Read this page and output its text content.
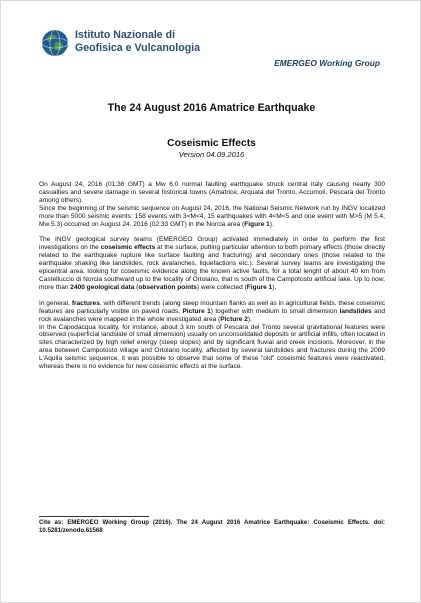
Istituto Nazionale di
Geofisica e Vulcanologia
EMERGEO Working Group
The 24 August 2016 Amatrice Earthquake
Coseismic Effects
Version 04.09.2016

On August 24, 2016 (01:36 GMT) a Mw 6.0 normal faulting earthquake struck central Italy causing nearly 300 casualties and severe damage in several historical towns (Amatrice, Arquata del Tronto, Accumoli, Pescara del Tronto among others).

Since the beginning of the seismic sequence on August 24, 2016, the National Seismic Network run by INGV localized more than 5000 seismic events: 158 events with 3<M<4, 15 earthquakes with 4<M<5 and one event with M>5 (M 5.4, Mw 5.3) occurred on August 24, 2016 (02:33 GMT) in the Norcia area (Figure 1).

The INGV geological survey teams (EMERGEO Group) activated immediately in order to perform the first investigations on the coseismic effects at the surface, putting particular attention to both primary effects (those directly related to the earthquake rupture like surface faulting and fracturing) and secondary ones (those related to the earthquake shaking like landslides, rock avalanches, liquefactions etc.). Several survey teams are investigating the epicentral area, looking for coseismic evidence along the known active faults, for a total lenght of about 40 km from Castelluccio di Norcia southward up to the locality of Ortolano, that is south of the Campotosto artificial lake. Up to now, more than 2400 geological data (observation points) were collected (Figure 1).

In general, fractures, with different trends (along steep mountain flanks as well as in agricultural fields, these coseismic features are particularly visible on paved roads, Picture 1) together with medium to small dimension landslides and rock avalanches were mapped in the whole investigated area (Picture 2).

In the Capodacqua locality, for instance, about 3 km south of Pescara del Tronto several gravitational features were observed (superficial landslide of small dimension) usually on unconsolidated deposits or artificial infills, often located in sites characterized by high relief energy (steep slopes) and by significant fluvial and creek incisions. Moreover, in the area between Campotosto village and Ortolano locality, affected by several landslides and fractures during the 2009 L'Aquila seismic sequence, it was possible to observe that some of these "old" coseismic features were reactivated, whereas there is no evidence for new coseismic effects at the surface.

Cite as: EMERGEO Working Group (2016). The 24 August 2016 Amatrice Earthquake: Coseismic Effects. doi: 10.5281/zenodo.61568
